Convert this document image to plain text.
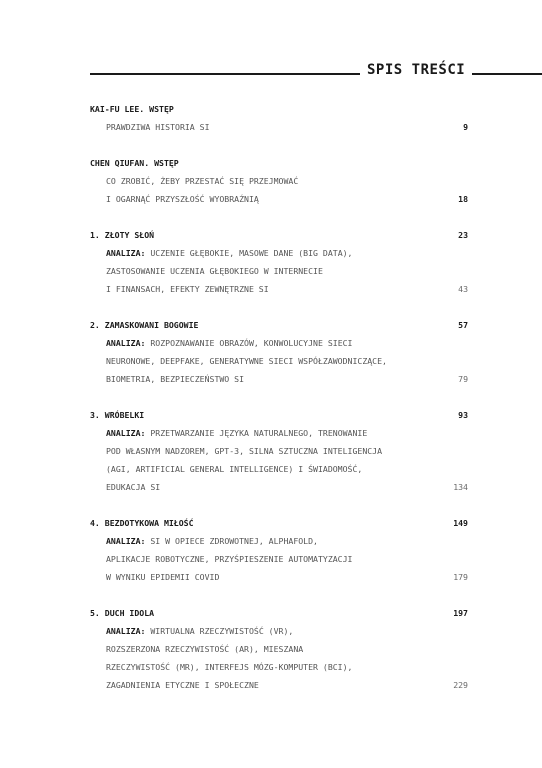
SPIS TREŚCI
KAI-FU LEE. WSTĘP
PRAWDZIWA HISTORIA SI	9
CHEN QIUFAN. WSTĘP
CO ZROBIĆ, ŻEBY PRZESTAĆ SIĘ PRZEJMOWAĆ
I OGARNĄĆ PRZYSZŁOŚĆ WYOBRAŹNIĄ	18
1. ZŁOTY SŁOŃ	23
ANALIZA: UCZENIE GŁĘBOKIE, MASOWE DANE (BIG DATA),
ZASTOSOWANIE UCZENIA GŁĘBOKIEGO W INTERNECIE
I FINANSACH, EFEKTY ZEWNĘTRZNE SI	43
2. ZAMASKOWANI BOGOWIE	57
ANALIZA: ROZPOZNAWANIE OBRAZÓW, KONWOLUCYJNE SIECI
NEURONOWE, DEEPFAKE, GENERATYWNE SIECI WSPÓŁZAWODNICZĄCE,
BIOMETRIA, BEZPIECZEŃSTWO SI	79
3. WRÓBELKI	93
ANALIZA: PRZETWARZANIE JĘZYKA NATURALNEGO, TRENOWANIE
POD WŁASNYM NADZOREM, GPT-3, SILNA SZTUCZNA INTELIGENCJA
(AGI, ARTIFICIAL GENERAL INTELLIGENCE) I ŚWIADOMOŚĆ,
EDUKACJA SI	134
4. BEZDOTYKOWA MIŁOŚĆ	149
ANALIZA: SI W OPIECE ZDROWOTNEJ, ALPHAFOLD,
APLIKACJE ROBOTYCZNE, PRZYŚPIESZENIE AUTOMATYZACJI
W WYNIKU EPIDEMII COVID	179
5. DUCH IDOLA	197
ANALIZA: WIRTUALNA RZECZYWISTOŚĆ (VR),
ROZSZERZONA RZECZYWISTOŚĆ (AR), MIESZANA
RZECZYWISTOŚĆ (MR), INTERFEJS MÓZG-KOMPUTER (BCI),
ZAGADNIENIA ETYCZNE I SPOŁECZNE	229
